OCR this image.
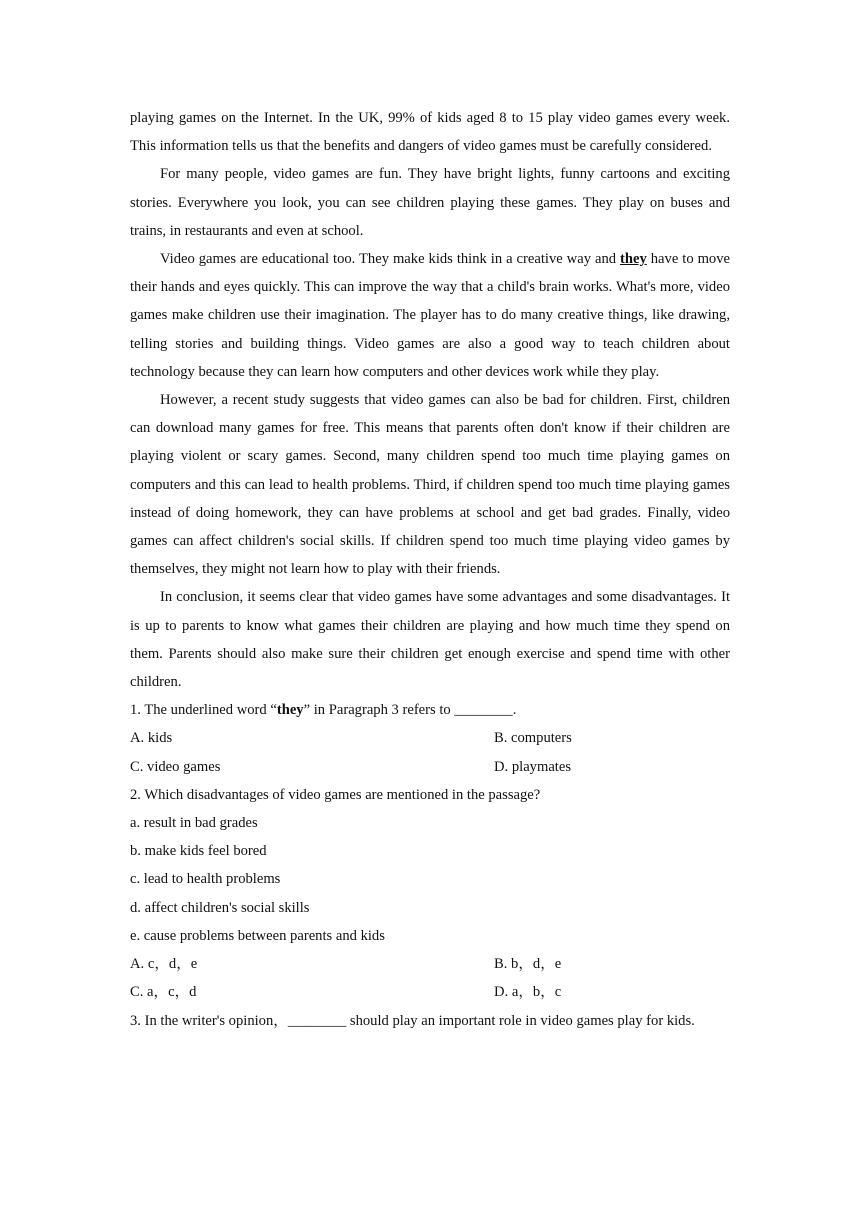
playing games on the Internet. In the UK, 99% of kids aged 8 to 15 play video games every week. This information tells us that the benefits and dangers of video games must be carefully considered.

For many people, video games are fun. They have bright lights, funny cartoons and exciting stories. Everywhere you look, you can see children playing these games. They play on buses and trains, in restaurants and even at school.

Video games are educational too. They make kids think in a creative way and they have to move their hands and eyes quickly. This can improve the way that a child's brain works. What's more, video games make children use their imagination. The player has to do many creative things, like drawing, telling stories and building things. Video games are also a good way to teach children about technology because they can learn how computers and other devices work while they play.

However, a recent study suggests that video games can also be bad for children. First, children can download many games for free. This means that parents often don't know if their children are playing violent or scary games. Second, many children spend too much time playing games on computers and this can lead to health problems. Third, if children spend too much time playing games instead of doing homework, they can have problems at school and get bad grades. Finally, video games can affect children's social skills. If children spend too much time playing video games by themselves, they might not learn how to play with their friends.

In conclusion, it seems clear that video games have some advantages and some disadvantages. It is up to parents to know what games their children are playing and how much time they spend on them. Parents should also make sure their children get enough exercise and spend time with other children.

1. The underlined word “they” in Paragraph 3 refers to ________.
A. kids	B. computers
C. video games	D. playmates
2. Which disadvantages of video games are mentioned in the passage?
a. result in bad grades
b. make kids feel bored
c. lead to health problems
d. affect children's social skills
e. cause problems between parents and kids
A. c，d，e	B. b，d，e
C. a，c，d	D. a，b，c
3. In the writer's opinion，________ should play an important role in video games play for kids.
